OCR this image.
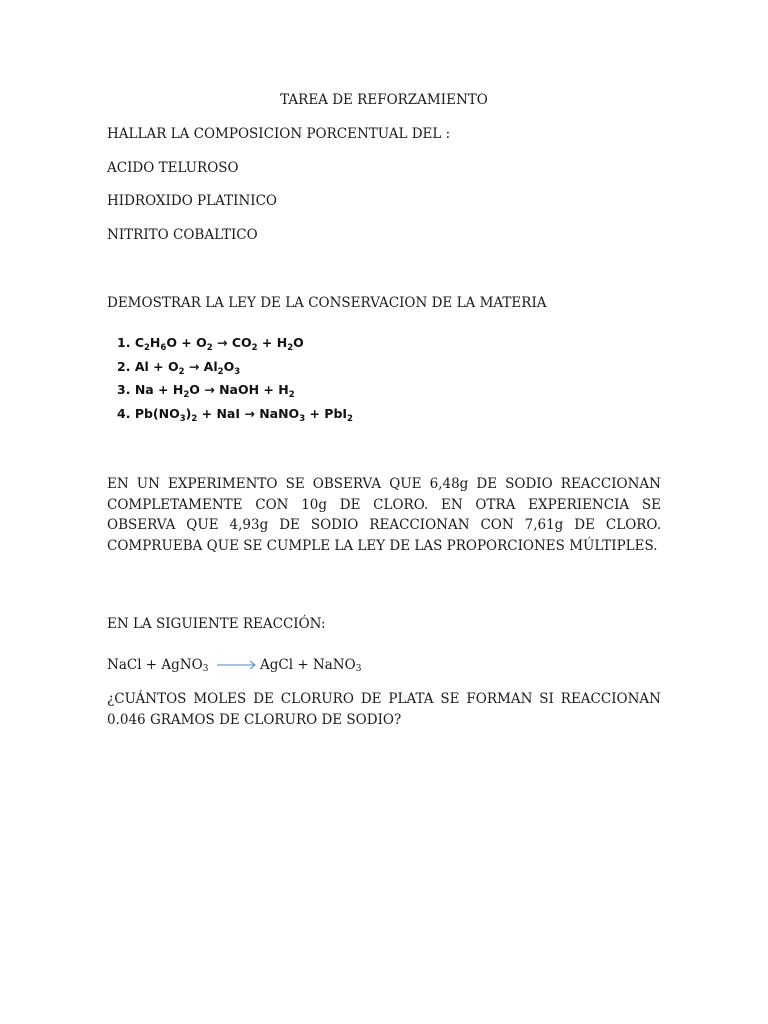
TAREA DE REFORZAMIENTO
HALLAR LA COMPOSICION PORCENTUAL DEL :
ACIDO TELUROSO
HIDROXIDO PLATINICO
NITRITO COBALTICO
DEMOSTRAR LA LEY DE LA CONSERVACION DE LA MATERIA
1. $C_2H_6O + O_2 \to CO_2 + H_2O$
2. $Al + O_2 \to Al_2O_3$
3. $Na + H_2O$ → NaOH + $H_2$
4. $Pb(NO_3)_2$ + NaI → NaNO$_3$ + PbI$_2$
EN UN EXPERIMENTO SE OBSERVA QUE 6,48g DE SODIO REACCIONAN COMPLETAMENTE CON 10g DE CLORO. EN OTRA EXPERIENCIA SE OBSERVA QUE 4,93g DE SODIO REACCIONAN CON 7,61g DE CLORO. COMPRUEBA QUE SE CUMPLE LA LEY DE LAS PROPORCIONES MÚLTIPLES.
EN LA SIGUIENTE REACCIÓN:
NaCl + AgNO$_3$ → AgCl + NaNO$_3$
¿CUÁNTOS MOLES DE CLORURO DE PLATA SE FORMAN SI REACCIONAN 0.046 GRAMOS DE CLORURO DE SODIO?
